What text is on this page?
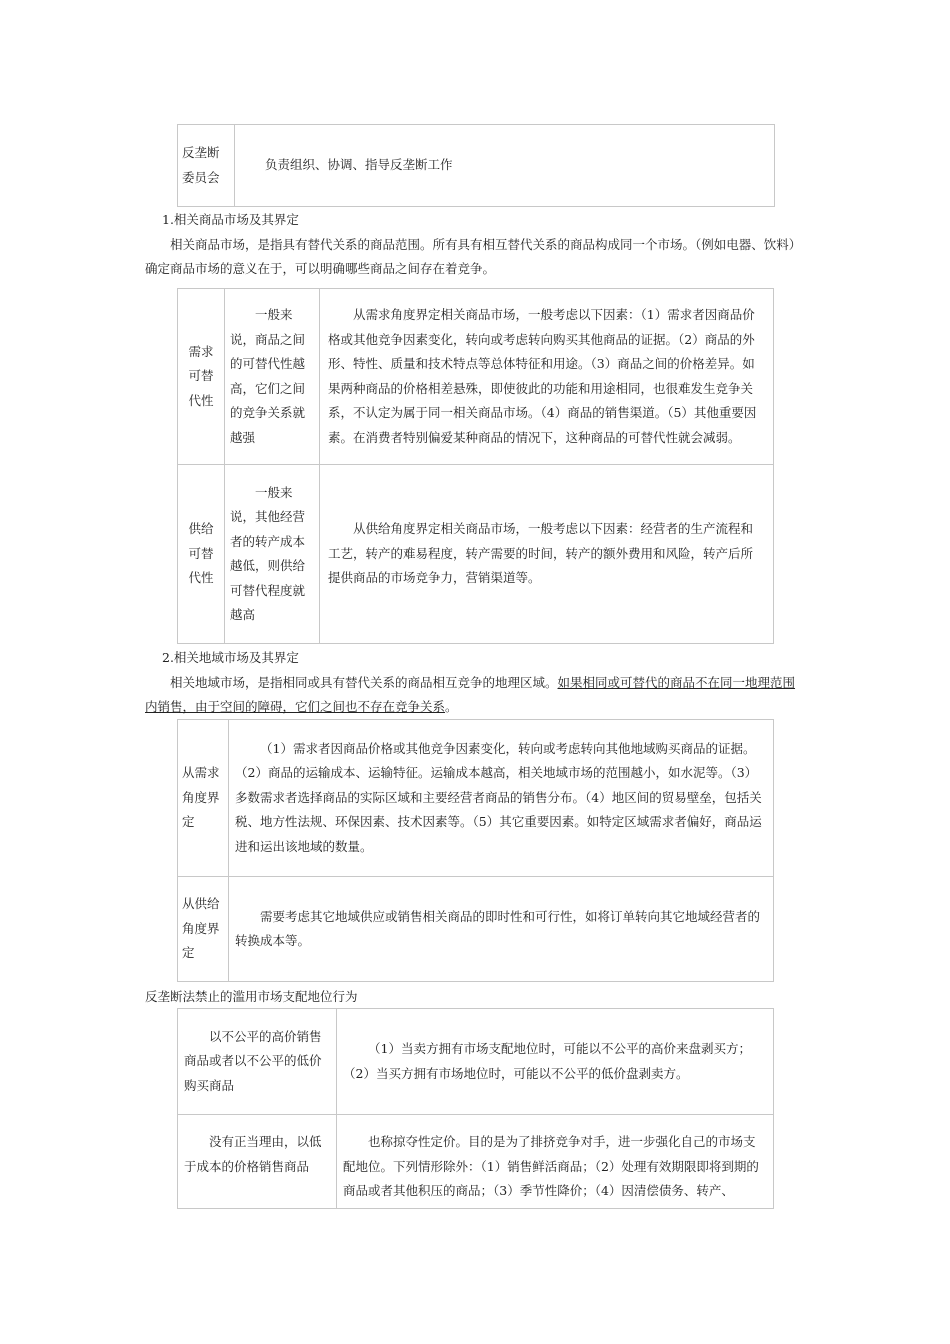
反垄断委员会	负责组织、协调、指导反垄断工作

1.相关商品市场及其界定

相关商品市场，是指具有替代关系的商品范围。所有具有相互替代关系的商品构成同一个市场。（例如电器、饮料）确定商品市场的意义在于，可以明确哪些商品之间存在着竞争。

需求可替代性	一般来说，商品之间的可替代性越高，它们之间的竞争关系就越强	从需求角度界定相关商品市场，一般考虑以下因素：（1）需求者因商品价格或其他竞争因素变化，转向或考虑转向购买其他商品的证据。（2）商品的外形、特性、质量和技术特点等总体特征和用途。（3）商品之间的价格差异。如果两种商品的价格相差悬殊，即使彼此的功能和用途相同，也很难发生竞争关系，不认定为属于同一相关商品市场。（4）商品的销售渠道。（5）其他重要因素。在消费者特别偏爱某种商品的情况下，这种商品的可替代性就会减弱。

供给可替代性	一般来说，其他经营者的转产成本越低，则供给可替代程度就越高	从供给角度界定相关商品市场，一般考虑以下因素：经营者的生产流程和工艺，转产的难易程度，转产需要的时间，转产的额外费用和风险，转产后所提供商品的市场竞争力，营销渠道等。

2.相关地域市场及其界定

相关地域市场，是指相同或具有替代关系的商品相互竞争的地理区域。如果相同或可替代的商品不在同一地理范围内销售，由于空间的障碍，它们之间也不存在竞争关系。

从需求角度界定	（1）需求者因商品价格或其他竞争因素变化，转向或考虑转向其他地域购买商品的证据。（2）商品的运输成本、运输特征。运输成本越高，相关地域市场的范围越小，如水泥等。（3）多数需求者选择商品的实际区域和主要经营者商品的销售分布。（4）地区间的贸易壁垒，包括关税、地方性法规、环保因素、技术因素等。（5）其它重要因素。如特定区域需求者偏好，商品运进和运出该地域的数量。

从供给角度界定	需要考虑其它地域供应或销售相关商品的即时性和可行性，如将订单转向其它地域经营者的转换成本等。

反垄断法禁止的滥用市场支配地位行为

以不公平的高价销售商品或者以不公平的低价购买商品	（1）当卖方拥有市场支配地位时，可能以不公平的高价来盘剥买方；（2）当买方拥有市场地位时，可能以不公平的低价盘剥卖方。

没有正当理由，以低于成本的价格销售商品	也称掠夺性定价。目的是为了排挤竞争对手，进一步强化自己的市场支配地位。下列情形除外：（1）销售鲜活商品；（2）处理有效期限即将到期的商品或者其他积压的商品；（3）季节性降价；（4）因清偿债务、转产、
